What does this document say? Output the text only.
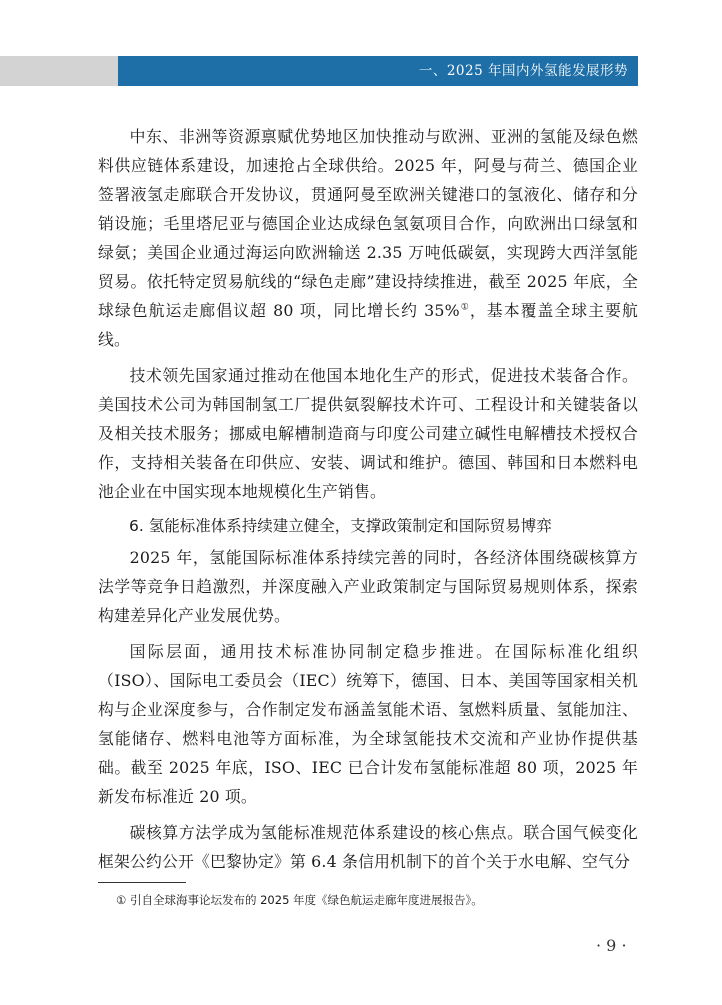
一、2025 年国内外氢能发展形势

中东、非洲等资源禀赋优势地区加快推动与欧洲、亚洲的氢能及绿色燃料供应链体系建设，加速抢占全球供给。2025 年，阿曼与荷兰、德国企业签署液氢走廊联合开发协议，贯通阿曼至欧洲关键港口的氢液化、储存和分销设施；毛里塔尼亚与德国企业达成绿色氢氨项目合作，向欧洲出口绿氢和绿氨；美国企业通过海运向欧洲输送 2.35 万吨低碳氨，实现跨大西洋氢能贸易。依托特定贸易航线的“绿色走廊”建设持续推进，截至 2025 年底，全球绿色航运走廊倡议超 80 项，同比增长约 35%①，基本覆盖全球主要航线。

技术领先国家通过推动在他国本地化生产的形式，促进技术装备合作。美国技术公司为韩国制氢工厂提供氨裂解技术许可、工程设计和关键装备以及相关技术服务；挪威电解槽制造商与印度公司建立碱性电解槽技术授权合作，支持相关装备在印供应、安装、调试和维护。德国、韩国和日本燃料电池企业在中国实现本地规模化生产销售。

6. 氢能标准体系持续建立健全，支撑政策制定和国际贸易博弈

2025 年，氢能国际标准体系持续完善的同时，各经济体围绕碳核算方法学等竞争日趋激烈，并深度融入产业政策制定与国际贸易规则体系，探索构建差异化产业发展优势。

国际层面，通用技术标准协同制定稳步推进。在国际标准化组织（ISO）、国际电工委员会（IEC）统筹下，德国、日本、美国等国家相关机构与企业深度参与，合作制定发布涵盖氢能术语、氢燃料质量、氢能加注、氢能储存、燃料电池等方面标准，为全球氢能技术交流和产业协作提供基础。截至 2025 年底，ISO、IEC 已合计发布氢能标准超 80 项，2025 年新发布标准近 20 项。

碳核算方法学成为氢能标准规范体系建设的核心焦点。联合国气候变化框架公约公开《巴黎协定》第 6.4 条信用机制下的首个关于水电解、空气分

① 引自全球海事论坛发布的 2025 年度《绿色航运走廊年度进展报告》。
· 9 ·
